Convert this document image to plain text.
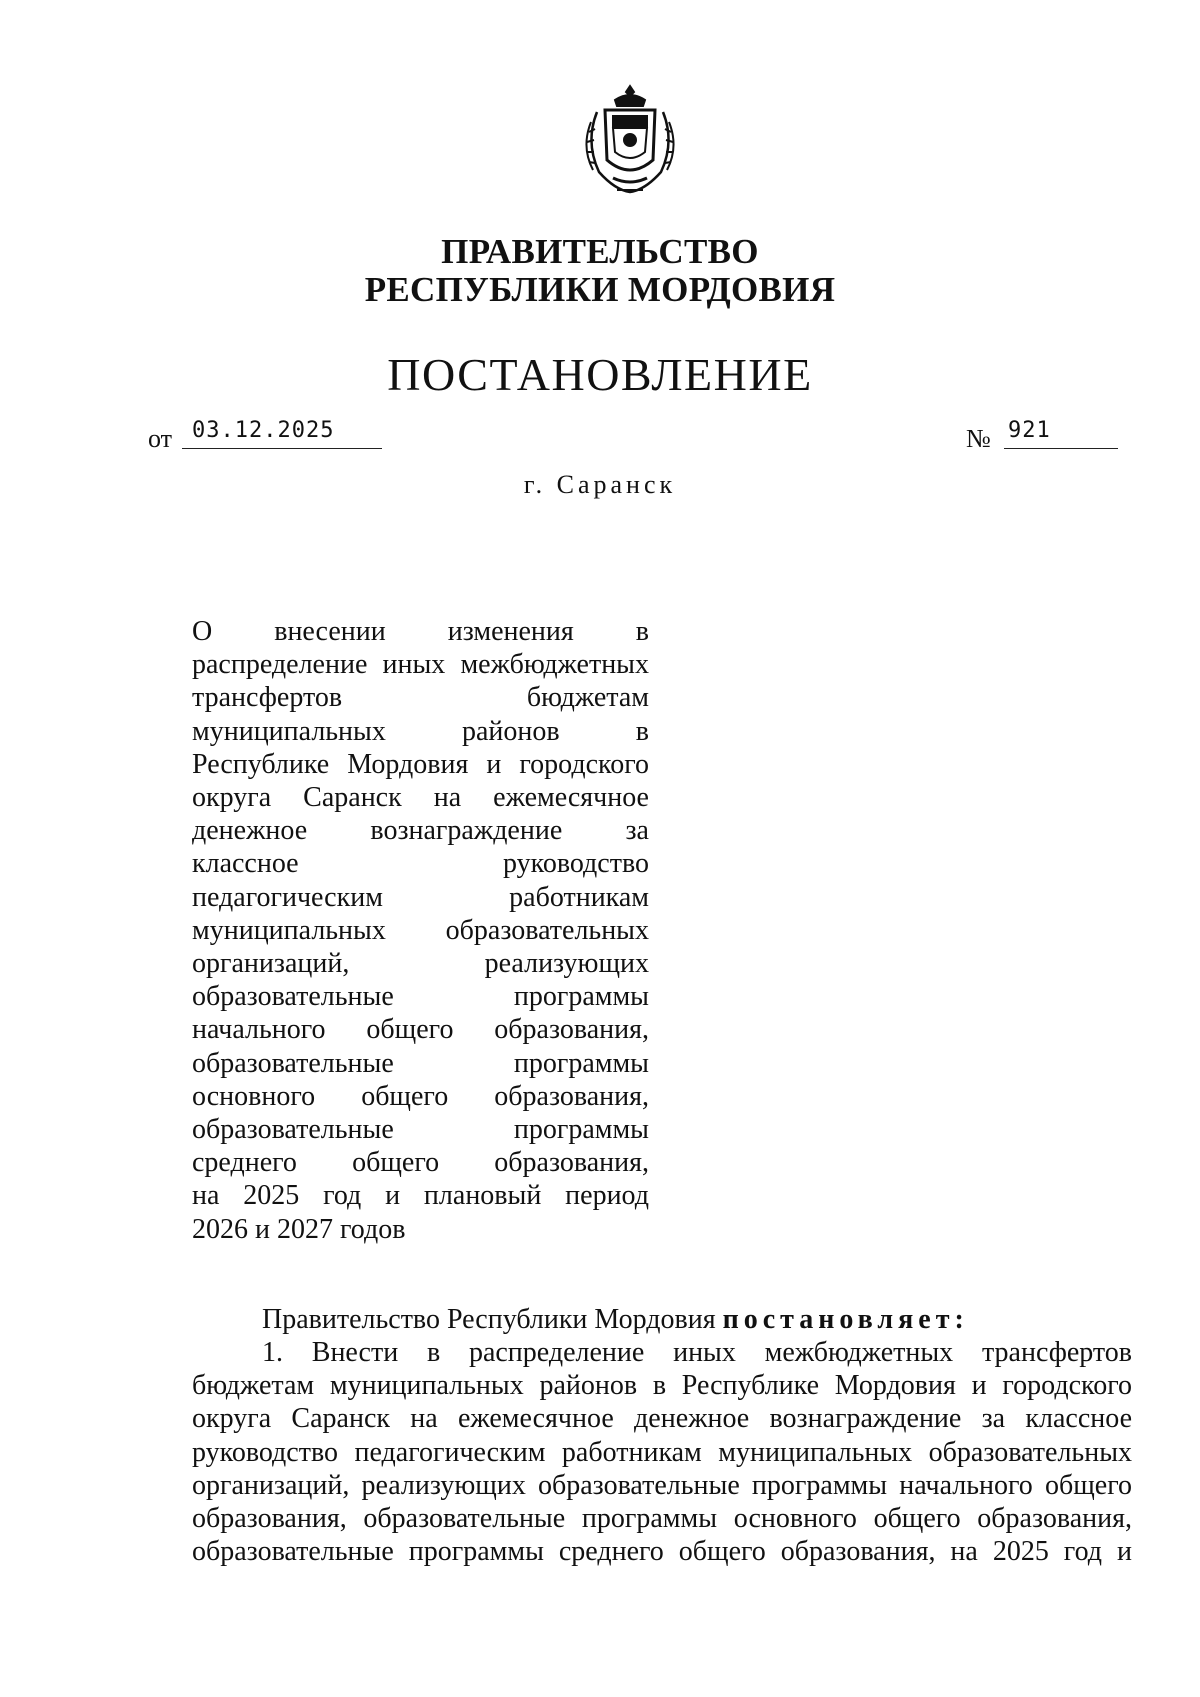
ПРАВИТЕЛЬСТВО
РЕСПУБЛИКИ МОРДОВИЯ
ПОСТАНОВЛЕНИЕ
от 03.12.2025	№ 921
г. Саранск
О внесении изменения в
распределение иных межбюджетных
трансфертов бюджетам
муниципальных районов в
Республике Мордовия и городского
округа Саранск на ежемесячное
денежное вознаграждение за
классное руководство
педагогическим работникам
муниципальных образовательных
организаций, реализующих
образовательные программы
начального общего образования,
образовательные программы
основного общего образования,
образовательные программы
среднего общего образования,
на 2025 год и плановый период
2026 и 2027 годов
Правительство Республики Мордовия постановляет:
1. Внести в распределение иных межбюджетных трансфертов
бюджетам муниципальных районов в Республике Мордовия и городского
округа Саранск на ежемесячное денежное вознаграждение за классное
руководство педагогическим работникам муниципальных образовательных
организаций, реализующих образовательные программы начального общего
образования, образовательные программы основного общего образования,
образовательные программы среднего общего образования, на 2025 год и
